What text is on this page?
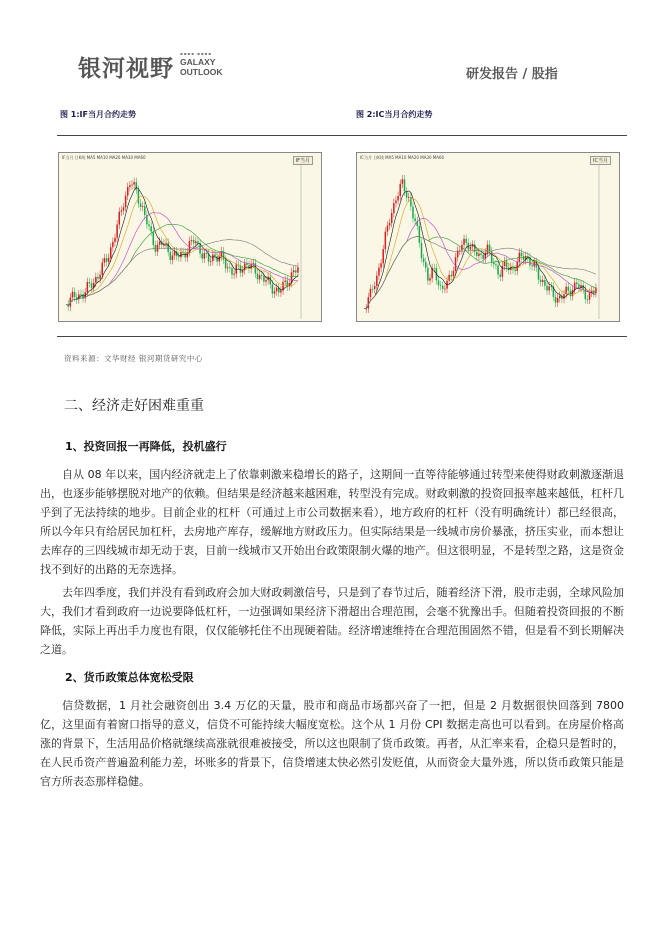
银河视野
▪▪▪▪ ▪▪▪▪
GALAXY
OUTLOOK	研发报告 / 股指
图 1:IF当月合约走势	图 2:IC当月合约走势
IF当月 日K线 MA5 MA10 MA20 MA30 MA60
IF当月
IC当月 日K线 MA5 MA10 MA20 MA30 MA60
IC当月
资料来源：文华财经 银河期货研究中心
二、经济走好困难重重
1、投资回报一再降低，投机盛行

自从 08 年以来，国内经济就走上了依靠刺激来稳增长的路子，这期间一直等待能够通过转型来使得财政刺激逐渐退出，也逐步能够摆脱对地产的依赖。但结果是经济越来越困难，转型没有完成。财政刺激的投资回报率越来越低，杠杆几乎到了无法持续的地步。目前企业的杠杆（可通过上市公司数据来看），地方政府的杠杆（没有明确统计）都已经很高，所以今年只有给居民加杠杆，去房地产库存，缓解地方财政压力。但实际结果是一线城市房价暴涨，挤压实业，而本想让去库存的三四线城市却无动于衷，目前一线城市又开始出台政策限制火爆的地产。但这很明显，不是转型之路，这是资金找不到好的出路的无奈选择。

去年四季度，我们并没有看到政府会加大财政刺激信号，只是到了春节过后，随着经济下滑，股市走弱，全球风险加大，我们才看到政府一边说要降低杠杆，一边强调如果经济下滑超出合理范围，会毫不犹豫出手。但随着投资回报的不断降低，实际上再出手力度也有限，仅仅能够托住不出现硬着陆。经济增速维持在合理范围固然不错，但是看不到长期解决之道。

2、货币政策总体宽松受限

信贷数据，1 月社会融资创出 3.4 万亿的天量，股市和商品市场都兴奋了一把，但是 2 月数据很快回落到 7800 亿，这里面有着窗口指导的意义，信贷不可能持续大幅度宽松。这个从 1 月份 CPI 数据走高也可以看到。在房屋价格高涨的背景下，生活用品价格就继续高涨就很难被接受，所以这也限制了货币政策。再者，从汇率来看，企稳只是暂时的，在人民币资产普遍盈利能力差，坏账多的背景下，信贷增速太快必然引发贬值，从而资金大量外逃，所以货币政策只能是官方所表态那样稳健。
